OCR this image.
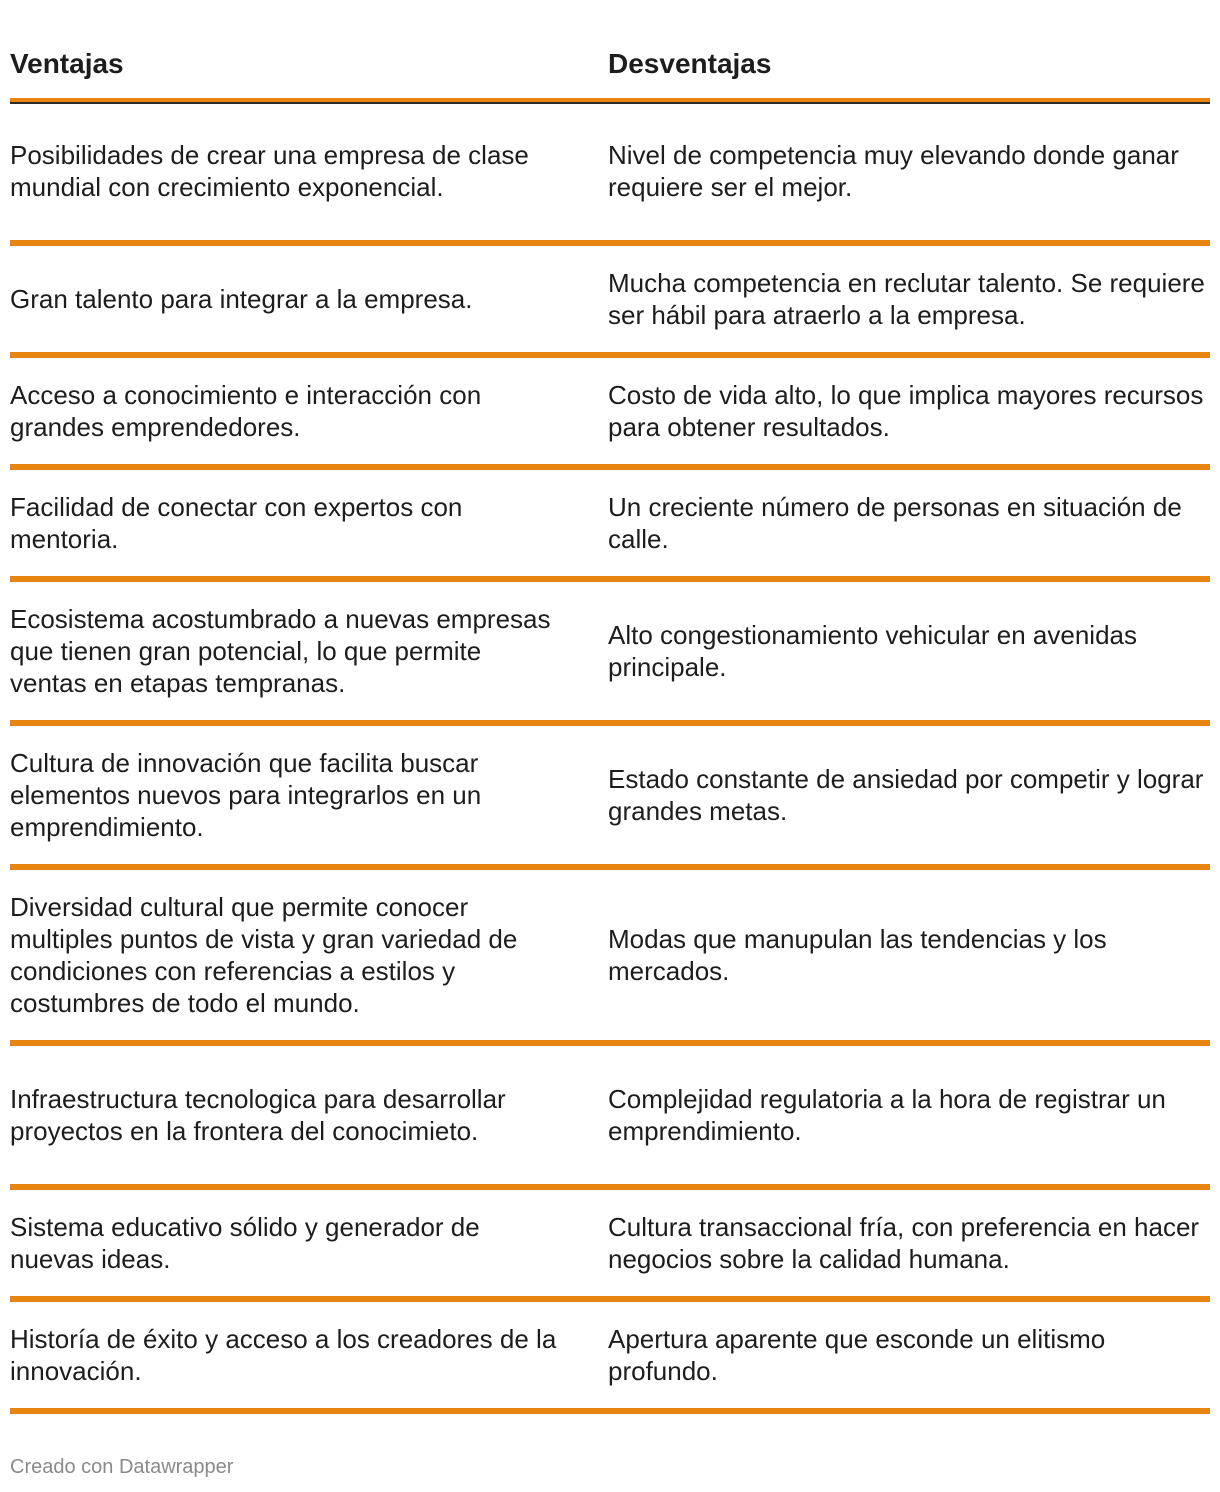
Ventajas	Desventajas
Posibilidades de crear una empresa de clase mundial con crecimiento exponencial.
Nivel de competencia muy elevando donde ganar requiere ser el mejor.
Gran talento para integrar a la empresa.
Mucha competencia en reclutar talento. Se requiere ser hábil para atraerlo a la empresa.
Acceso a conocimiento e interacción con grandes emprendedores.
Costo de vida alto, lo que implica mayores recursos para obtener resultados.
Facilidad de conectar con expertos con mentoria.
Un creciente número de personas en situación de calle.
Ecosistema acostumbrado a nuevas empresas que tienen gran potencial, lo que permite ventas en etapas tempranas.
Alto congestionamiento vehicular en avenidas principale.
Cultura de innovación que facilita buscar elementos nuevos para integrarlos en un emprendimiento.
Estado constante de ansiedad por competir y lograr grandes metas.
Diversidad cultural que permite conocer multiples puntos de vista y gran variedad de condiciones con referencias a estilos y costumbres de todo el mundo.
Modas que manupulan las tendencias y los mercados.
Infraestructura tecnologica para desarrollar proyectos en la frontera del conocimieto.
Complejidad regulatoria a la hora de registrar un emprendimiento.
Sistema educativo sólido y generador de nuevas ideas.
Cultura transaccional fría, con preferencia en hacer negocios sobre la calidad humana.
Historía de éxito y acceso a los creadores de la innovación.
Apertura aparente que esconde un elitismo profundo.
Creado con Datawrapper
